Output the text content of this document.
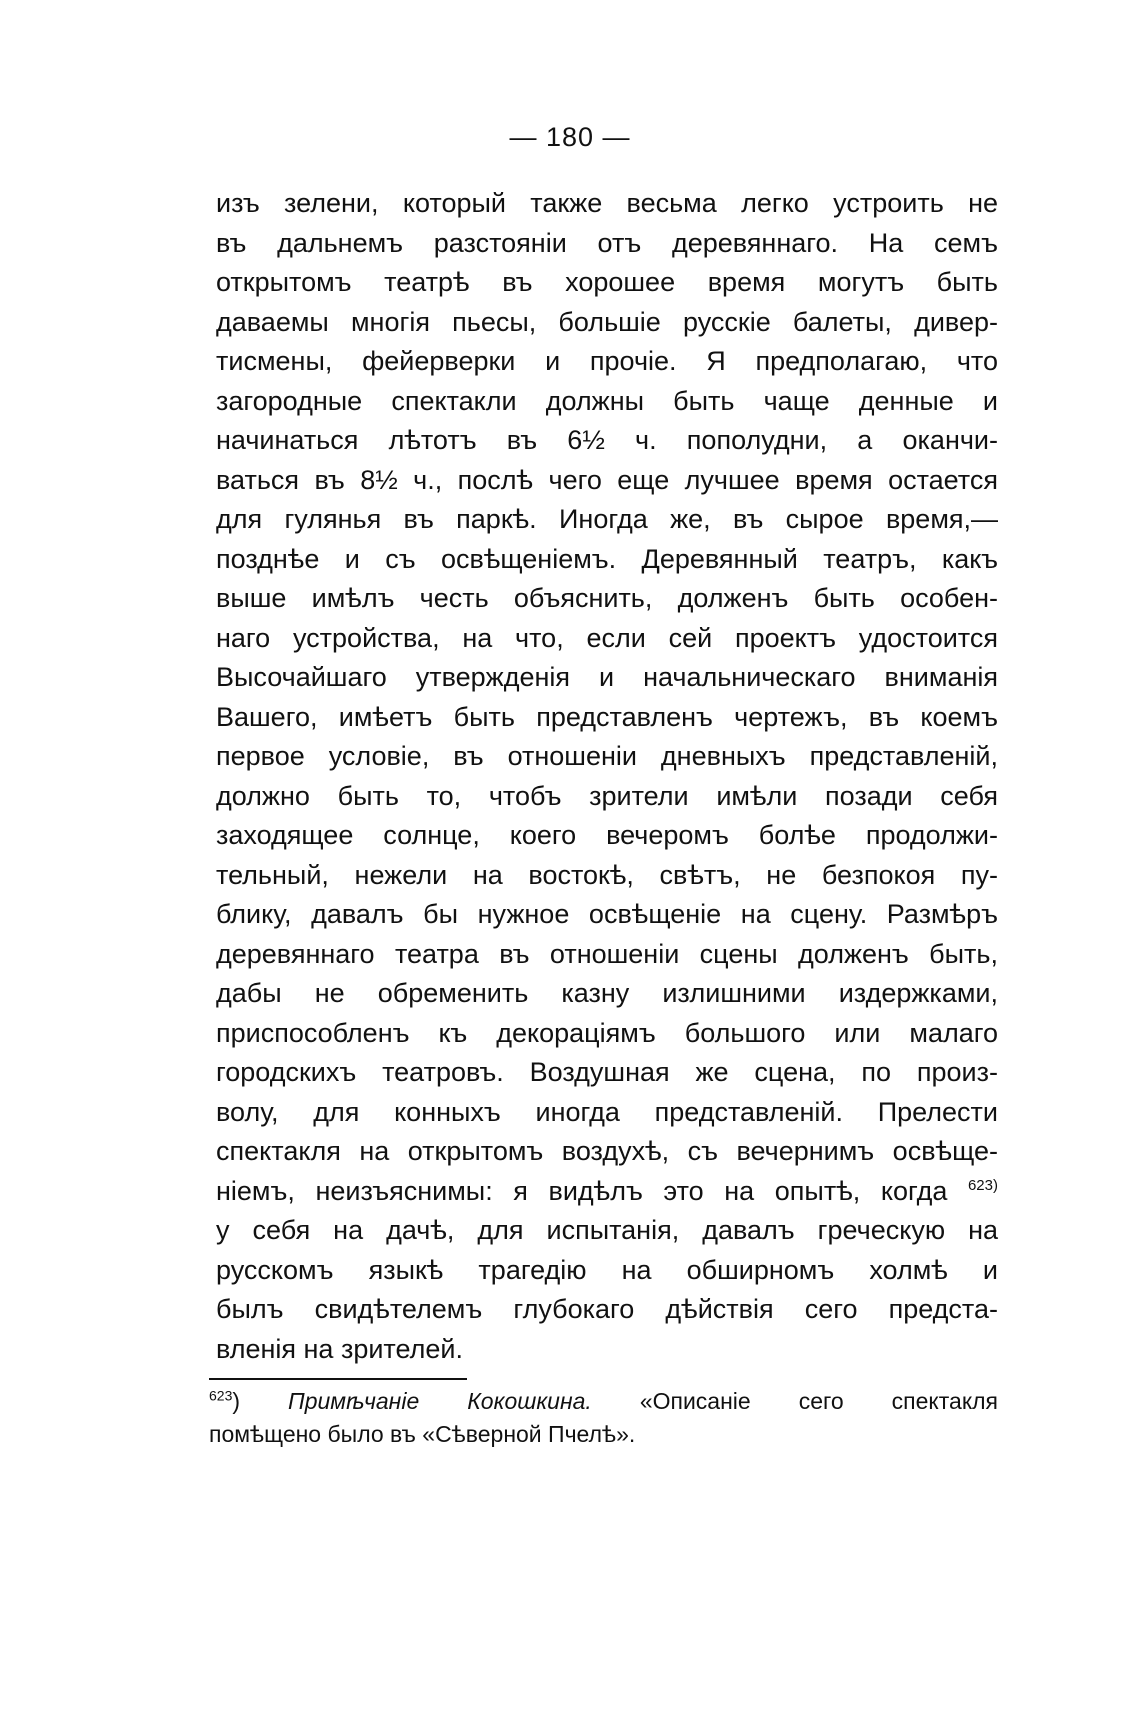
— 180 —
изъ зелени, который также весьма легко устроить не
въ дальнемъ разстояніи отъ деревяннаго. На семъ
открытомъ театрѣ въ хорошее время могутъ быть
даваемы многія пьесы, большіе русскіе балеты, дивер-
тисмены, фейерверки и прочіе. Я предполагаю, что
загородные спектакли должны быть чаще денные и
начинаться лѣтотъ въ 6½ ч. пополудни, а оканчи-
ваться въ 8½ ч., послѣ чего еще лучшее время остается
для гулянья въ паркѣ. Иногда же, въ сырое время,—
позднѣе и съ освѣщеніемъ. Деревянный театръ, какъ
выше имѣлъ честь объяснить, долженъ быть особен-
наго устройства, на что, если сей проектъ удостоится
Высочайшаго утвержденія и начальническаго вниманія
Вашего, имѣетъ быть представленъ чертежъ, въ коемъ
первое условіе, въ отношеніи дневныхъ представленій,
должно быть то, чтобъ зрители имѣли позади себя
заходящее солнце, коего вечеромъ болѣе продолжи-
тельный, нежели на востокѣ, свѣтъ, не безпокоя пу-
блику, давалъ бы нужное освѣщеніе на сцену. Размѣръ
деревяннаго театра въ отношеніи сцены долженъ быть,
дабы не обременить казну излишними издержками,
приспособленъ къ декораціямъ большого или малаго
городскихъ театровъ. Воздушная же сцена, по произ-
волу, для конныхъ иногда представленій. Прелести
спектакля на открытомъ воздухѣ, съ вечернимъ освѣще-
ніемъ, неизъяснимы: я видѣлъ это на опытѣ, когда $^{623)}$
у себя на дачѣ, для испытанія, давалъ греческую на
русскомъ языкѣ трагедію на обширномъ холмѣ и
былъ свидѣтелемъ глубокаго дѣйствія сего предста-
вленія на зрителей.
$^{623}$) Примѣчаніе Кокошкина. «Описаніе сего спектакля
помѣщено было въ «Сѣверной Пчелѣ».
